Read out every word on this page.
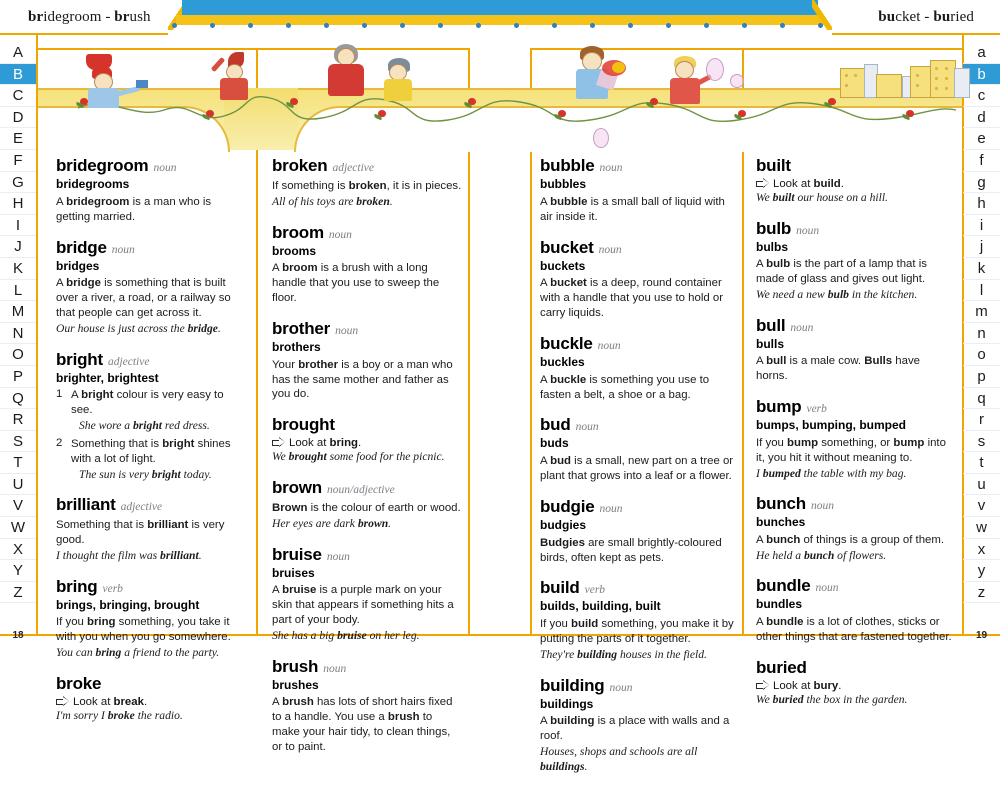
bridegroom - brush	bucket - buried
A
B
C
D
E
F
G
H
I
J
K
L
M
N
O
P
Q
R
S
T
U
V
W
X
Y
Z
a
b
c
d
e
f
g
h
i
j
k
l
m
n
o
p
q
r
s
t
u
v
w
x
y
z
18	19
bridegroom noun
bridegrooms
A bridegroom is a man who is getting married.
bridge noun
bridges
A bridge is something that is built over a river, a road, or a railway so that people can get across it.
Our house is just across the bridge.
bright adjective
brighter, brightest
1 A bright colour is very easy to see.
She wore a bright red dress.
2 Something that is bright shines with a lot of light.
The sun is very bright today.
brilliant adjective
Something that is brilliant is very good.
I thought the film was brilliant.
bring verb
brings, bringing, brought
If you bring something, you take it with you when you go somewhere.
You can bring a friend to the party.
broke
Look at break.
I'm sorry I broke the radio.
broken adjective
If something is broken, it is in pieces.
All of his toys are broken.
broom noun
brooms
A broom is a brush with a long handle that you use to sweep the floor.
brother noun
brothers
Your brother is a boy or a man who has the same mother and father as you do.
brought
Look at bring.
We brought some food for the picnic.
brown noun/adjective
Brown is the colour of earth or wood.
Her eyes are dark brown.
bruise noun
bruises
A bruise is a purple mark on your skin that appears if something hits a part of your body.
She has a big bruise on her leg.
brush noun
brushes
A brush has lots of short hairs fixed to a handle. You use a brush to make your hair tidy, to clean things, or to paint.
bubble noun
bubbles
A bubble is a small ball of liquid with air inside it.
bucket noun
buckets
A bucket is a deep, round container with a handle that you use to hold or carry liquids.
buckle noun
buckles
A buckle is something you use to fasten a belt, a shoe or a bag.
bud noun
buds
A bud is a small, new part on a tree or plant that grows into a leaf or a flower.
budgie noun
budgies
Budgies are small brightly-coloured birds, often kept as pets.
build verb
builds, building, built
If you build something, you make it by putting the parts of it together.
They're building houses in the field.
building noun
buildings
A building is a place with walls and a roof.
Houses, shops and schools are all buildings.
built
Look at build.
We built our house on a hill.
bulb noun
bulbs
A bulb is the part of a lamp that is made of glass and gives out light.
We need a new bulb in the kitchen.
bull noun
bulls
A bull is a male cow. Bulls have horns.
bump verb
bumps, bumping, bumped
If you bump something, or bump into it, you hit it without meaning to.
I bumped the table with my bag.
bunch noun
bunches
A bunch of things is a group of them.
He held a bunch of flowers.
bundle noun
bundles
A bundle is a lot of clothes, sticks or other things that are fastened together.
buried
Look at bury.
We buried the box in the garden.
